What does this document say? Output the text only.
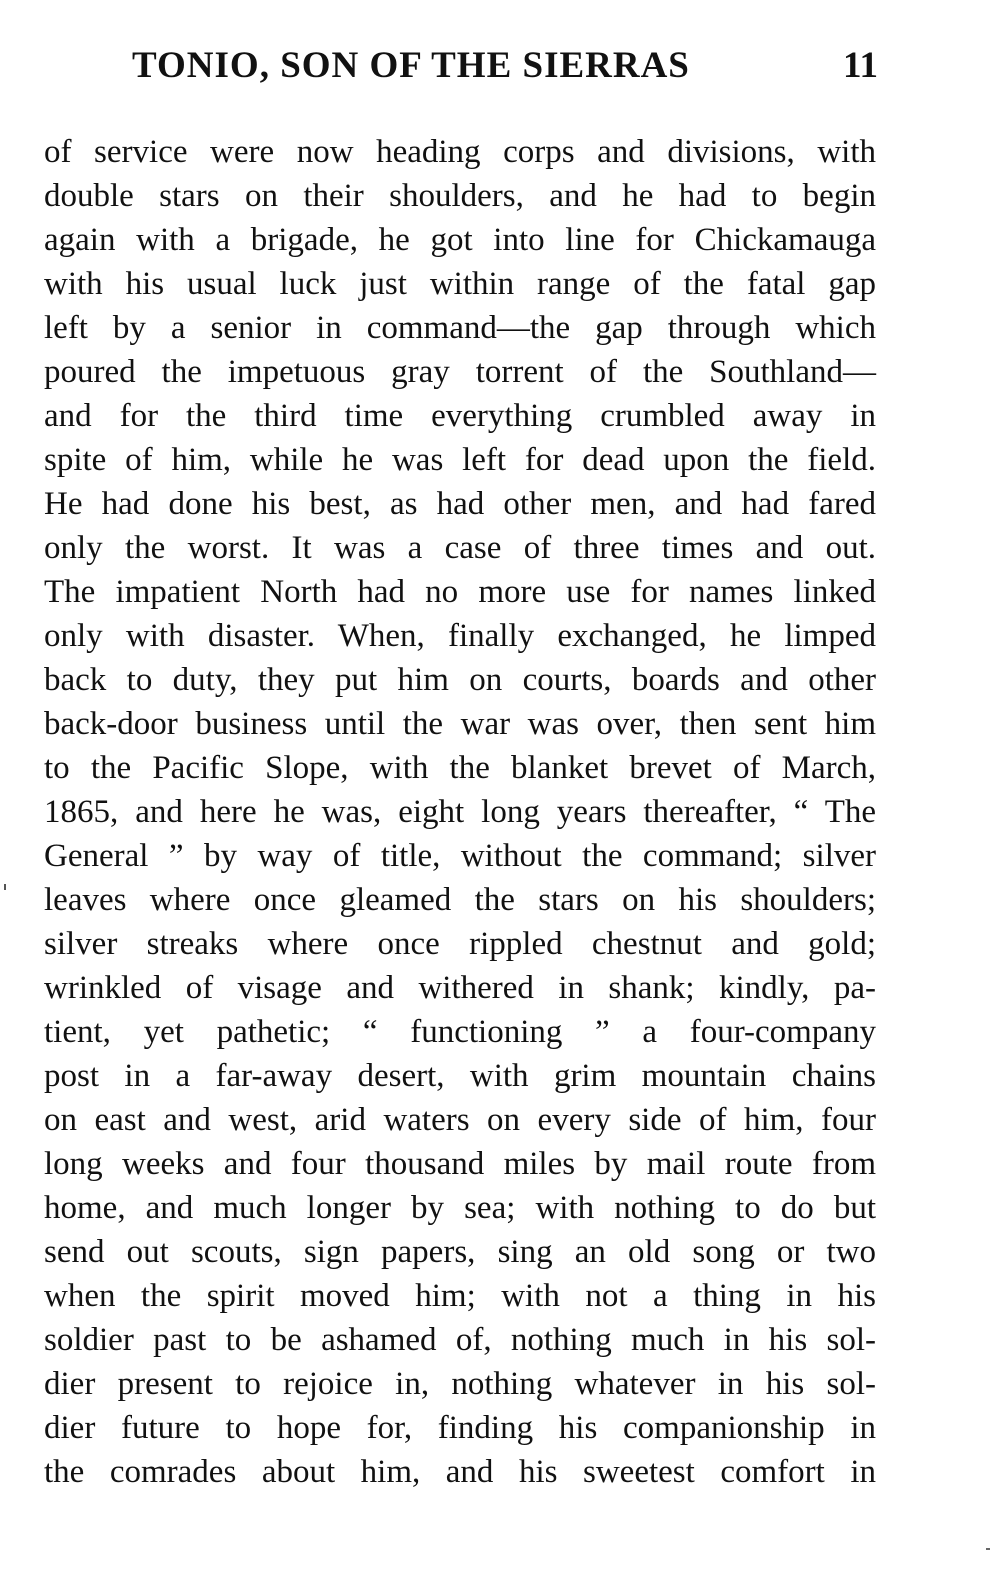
TONIO, SON OF THE SIERRAS	11
of service were now heading corps and divisions, with
double stars on their shoulders, and he had to begin
again with a brigade, he got into line for Chickamauga
with his usual luck just within range of the fatal gap
left by a senior in command—the gap through which
poured the impetuous gray torrent of the Southland—
and for the third time everything crumbled away in
spite of him, while he was left for dead upon the field.
He had done his best, as had other men, and had fared
only the worst. It was a case of three times and out.
The impatient North had no more use for names linked
only with disaster. When, finally exchanged, he limped
back to duty, they put him on courts, boards and other
back-door business until the war was over, then sent him
to the Pacific Slope, with the blanket brevet of March,
1865, and here he was, eight long years thereafter, “ The
General ” by way of title, without the command; silver
leaves where once gleamed the stars on his shoulders;
silver streaks where once rippled chestnut and gold;
wrinkled of visage and withered in shank; kindly, pa-
tient, yet pathetic; “ functioning ” a four-company
post in a far-away desert, with grim mountain chains
on east and west, arid waters on every side of him, four
long weeks and four thousand miles by mail route from
home, and much longer by sea; with nothing to do but
send out scouts, sign papers, sing an old song or two
when the spirit moved him; with not a thing in his
soldier past to be ashamed of, nothing much in his sol-
dier present to rejoice in, nothing whatever in his sol-
dier future to hope for, finding his companionship in
the comrades about him, and his sweetest comfort in
